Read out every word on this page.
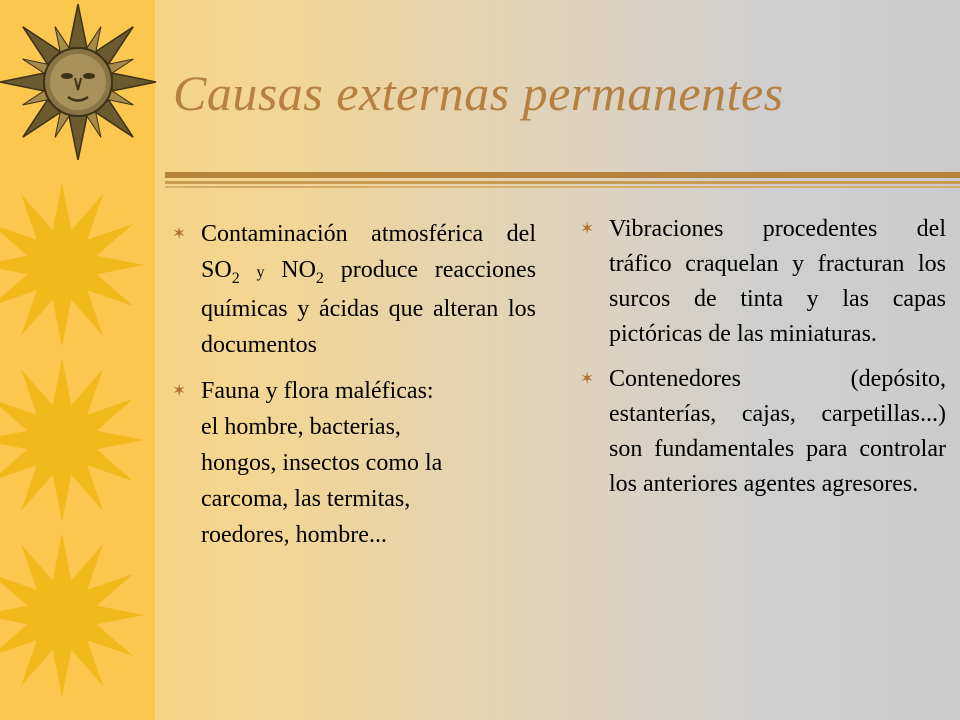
Causas externas permanentes
✶ Contaminación atmosférica del $SO_2$ y $NO_2$ produce reacciones químicas y ácidas que alteran los documentos
✶ Fauna y flora maléficas:
el hombre, bacterias,
hongos, insectos como la
carcoma, las termitas,
roedores, hombre...
✶ Vibraciones procedentes del tráfico craquelan y fracturan los surcos de tinta y las capas pictóricas de las miniaturas.
✶ Contenedores (depósito, estanterías, cajas, carpetillas...) son fundamentales para controlar los anteriores agentes agresores.
